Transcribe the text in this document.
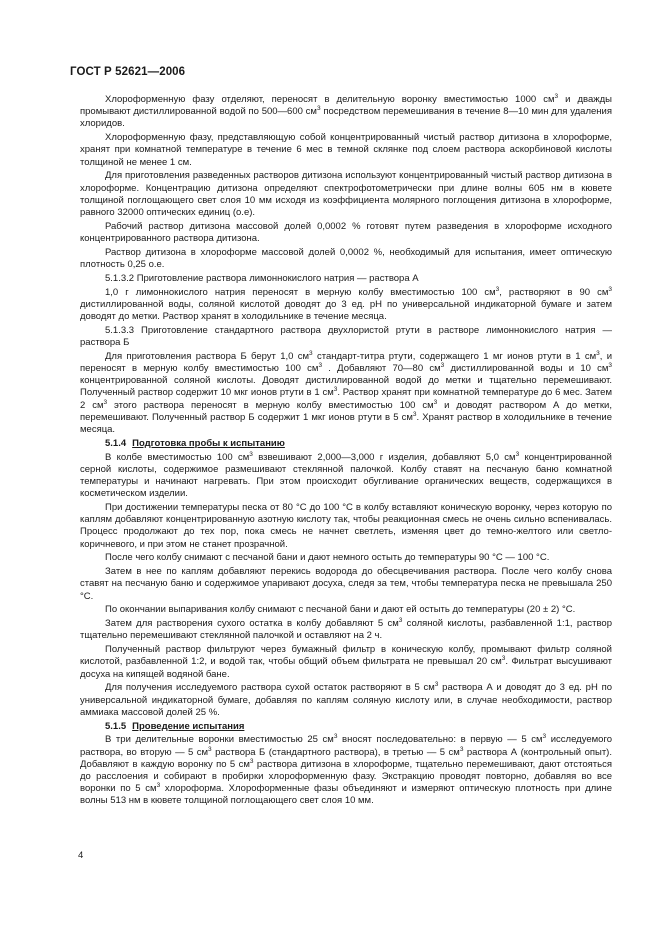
ГОСТ Р 52621—2006

Хлороформенную фазу отделяют, переносят в делительную воронку вместимостью 1000 $см^3$ и дважды промывают дистиллированной водой по 500—600 $см^3$ посредством перемешивания в течение 8—10 мин для удаления хлоридов.

Хлороформенную фазу, представляющую собой концентрированный чистый раствор дитизона в хлороформе, хранят при комнатной температуре в течение 6 мес в темной склянке под слоем раствора аскорбиновой кислоты толщиной не менее 1 см.

Для приготовления разведенных растворов дитизона используют концентрированный чистый раствор дитизона в хлороформе. Концентрацию дитизона определяют спектрофотометрически при длине волны 605 нм в кювете толщиной поглощающего свет слоя 10 мм исходя из коэффициента молярного поглощения дитизона в хлороформе, равного 32000 оптических единиц (о.е).

Рабочий раствор дитизона массовой долей 0,0002 % готовят путем разведения в хлороформе исходного концентрированного раствора дитизона.

Раствор дитизона в хлороформе массовой долей 0,0002 %, необходимый для испытания, имеет оптическую плотность 0,25 о.е.

5.1.3.2 Приготовление раствора лимоннокислого натрия — раствора А

1,0 г лимоннокислого натрия переносят в мерную колбу вместимостью 100 $см^3$, растворяют в 90 $см^3$ дистиллированной воды, соляной кислотой доводят до 3 ед. рН по универсальной индикаторной бумаге и затем доводят до метки. Раствор хранят в холодильнике в течение месяца.

5.1.3.3 Приготовление стандартного раствора двухлористой ртути в растворе лимоннокислого натрия — раствора Б

Для приготовления раствора Б берут 1,0 $см^3$ стандарт-титра ртути, содержащего 1 мг ионов ртути в 1 $см^3$, и переносят в мерную колбу вместимостью 100 $см^3$ . Добавляют 70—80 $см^3$ дистиллированной воды и 10 $см^3$ концентрированной соляной кислоты. Доводят дистиллированной водой до метки и тщательно перемешивают. Полученный раствор содержит 10 мкг ионов ртути в 1 $см^3$. Раствор хранят при комнатной температуре до 6 мес. Затем 2 $см^3$ этого раствора переносят в мерную колбу вместимостью 100 $см^3$ и доводят раствором А до метки, перемешивают. Полученный раствор Б содержит 1 мкг ионов ртути в 5 $см^3$. Хранят раствор в холодильнике в течение месяца.

5.1.4 Подготовка пробы к испытанию

В колбе вместимостью 100 $см^3$ взвешивают 2,000—3,000 г изделия, добавляют 5,0 $см^3$ концентрированной серной кислоты, содержимое размешивают стеклянной палочкой. Колбу ставят на песчаную баню комнатной температуры и начинают нагревать. При этом происходит обугливание органических веществ, содержащихся в косметическом изделии.

При достижении температуры песка от 80 °С до 100 °С в колбу вставляют коническую воронку, через которую по каплям добавляют концентрированную азотную кислоту так, чтобы реакционная смесь не очень сильно вспенивалась. Процесс продолжают до тех пор, пока смесь не начнет светлеть, изменяя цвет до темно-желтого или светло-коричневого, и при этом не станет прозрачной.

После чего колбу снимают с песчаной бани и дают немного остыть до температуры 90 °С — 100 °С.

Затем в нее по каплям добавляют перекись водорода до обесцвечивания раствора. После чего колбу снова ставят на песчаную баню и содержимое упаривают досуха, следя за тем, чтобы температура песка не превышала 250 °С.

По окончании выпаривания колбу снимают с песчаной бани и дают ей остыть до температуры (20 ± 2) °С.

Затем для растворения сухого остатка в колбу добавляют 5 $см^3$ соляной кислоты, разбавленной 1:1, раствор тщательно перемешивают стеклянной палочкой и оставляют на 2 ч.

Полученный раствор фильтруют через бумажный фильтр в коническую колбу, промывают фильтр соляной кислотой, разбавленной 1:2, и водой так, чтобы общий объем фильтрата не превышал 20 $см^3$. Фильтрат высушивают досуха на кипящей водяной бане.

Для получения исследуемого раствора сухой остаток растворяют в 5 $см^3$ раствора А и доводят до 3 ед. рН по универсальной индикаторной бумаге, добавляя по каплям соляную кислоту или, в случае необходимости, раствор аммиака массовой долей 25 %.

5.1.5 Проведение испытания

В три делительные воронки вместимостью 25 $см^3$ вносят последовательно: в первую — 5 $см^3$ исследуемого раствора, во вторую — 5 $см^3$ раствора Б (стандартного раствора), в третью — 5 $см^3$ раствора А (контрольный опыт). Добавляют в каждую воронку по 5 $см^3$ раствора дитизона в хлороформе, тщательно перемешивают, дают отстояться до расслоения и собирают в пробирки хлороформенную фазу. Экстракцию проводят повторно, добавляя во все воронки по 5 $см^3$ хлороформа. Хлороформенные фазы объединяют и измеряют оптическую плотность при длине волны 513 нм в кювете толщиной поглощающего свет слоя 10 мм.

4
